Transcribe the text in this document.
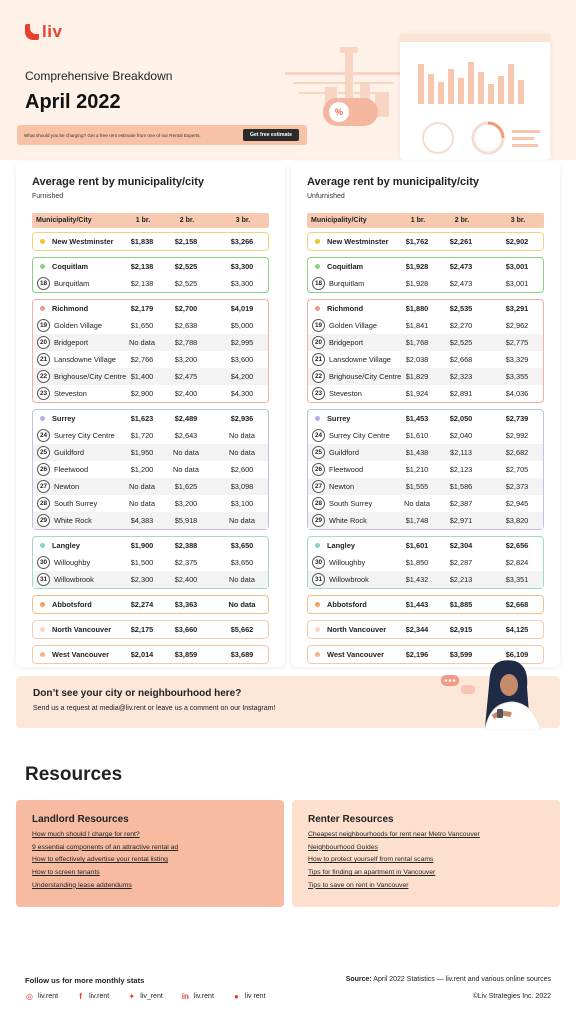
liv
Comprehensive Breakdown
April 2022	%
What should you be charging? Get a free rent estimate from one of our Rental Experts.	Get free estimate
Average rent by municipality/city
Furnished
Municipality/City	1 br.	2 br.	3 br.
New Westminster	$1,838	$2,158	$3,266
Coquitlam	$2,138	$2,525	$3,300
18 Burquitlam	$2,138	$2,525	$3,300
Richmond	$2,179	$2,700	$4,019
19 Golden Village	$1,650	$2,638	$5,000
20 Bridgeport	No data	$2,788	$2,995
21 Lansdowne Village	$2,766	$3,200	$3,600
22 Brighouse/City Centre $1,400	$2,475	$4,200
23 Steveston	$2,900	$2,400	$4,300
Surrey	$1,623	$2,489	$2,936
24 Surrey City Centre	$1,720	$2,643	No data
25 Guildford	$1,950	No data	No data
26 Fleetwood	$1,200	No data	$2,600
27 Newton	No data	$1,625	$3,098
28 South Surrey	No data	$3,200	$3,100
29 White Rock	$4,383	$5,918	No data
Langley	$1,900	$2,388	$3,650
30 Willoughby	$1,500	$2,375	$3,650
31 Willowbrook	$2,300	$2,400	No data
Abbotsford	$2,274	$3,363	No data
North Vancouver	$2,175	$3,660	$5,662
West Vancouver	$2,014	$3,859	$3,689
Average rent by municipality/city
Unfurnished
Municipality/City	1 br.	2 br.	3 br.
New Westminster	$1,762	$2,261	$2,902
Coquitlam	$1,928	$2,473	$3,001
18 Burquitlam	$1,928	$2,473	$3,001
Richmond	$1,880	$2,535	$3,291
19 Golden Village	$1,841	$2,270	$2,962
20 Bridgeport	$1,768	$2,525	$2,775
21 Lansdowne Village	$2,038	$2,668	$3,329
22 Brighouse/City Centre $1,829	$2,323	$3,355
23 Steveston	$1,924	$2,891	$4,036
Surrey	$1,453	$2,050	$2,739
24 Surrey City Centre	$1,610	$2,040	$2,992
25 Guildford	$1,438	$2,113	$2,682
26 Fleetwood	$1,210	$2,123	$2,705
27 Newton	$1,555	$1,586	$2,373
28 South Surrey	No data	$2,387	$2,945
29 White Rock	$1,748	$2,971	$3,820
Langley	$1,601	$2,304	$2,656
30 Willoughby	$1,850	$2,287	$2,824
31 Willowbrook	$1,432	$2,213	$3,351
Abbotsford	$1,443	$1,885	$2,668
North Vancouver	$2,344	$2,915	$4,125
West Vancouver	$2,196	$3,599	$6,109
Don’t see your city or neighbourhood here?
Send us a request at media@liv.rent or leave us a comment on our Instagram!
Resources
Landlord Resources
How much should I charge for rent?
9 essential components of an attractive rental ad
How to effectively advertise your rental listing
How to screen tenants
Understanding lease addendums
Renter Resources
Cheapest neighbourhoods for rent near Metro Vancouver
Neighbourhood Guides
How to protect yourself from rental scams
Tips for finding an apartment in Vancouver
Tips to save on rent in Vancouver
Follow us for more monthly stats	Source: April 2022 Statistics — liv.rent and various online sources
◎ liv.rent	f	liv.rent ✦ liv_rent in liv.rent	● liv rent	©Liv Strategies Inc. 2022
